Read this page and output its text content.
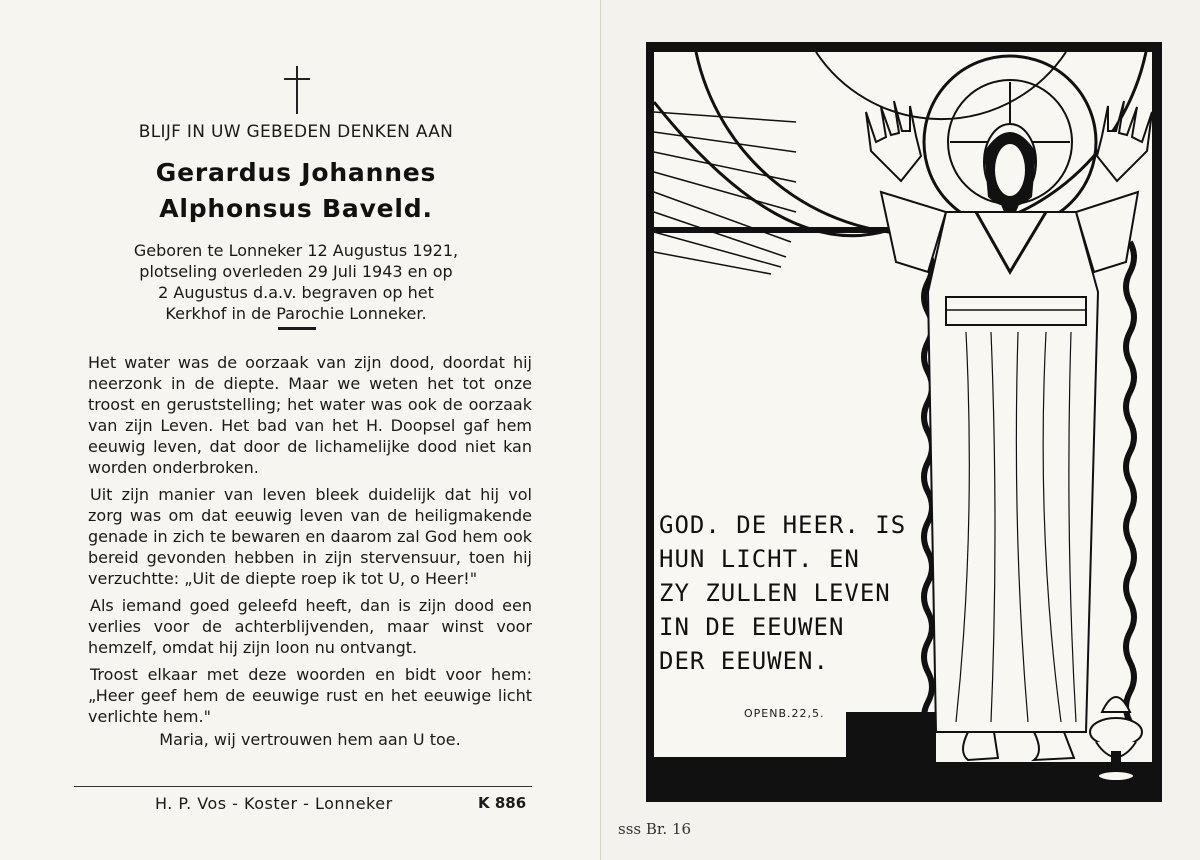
BLIJF IN UW GEBEDEN DENKEN AAN
Gerardus Johannes
Alphonsus Baveld.
Geboren te Lonneker 12 Augustus 1921,
plotseling overleden 29 Juli 1943 en op
2 Augustus d.a.v. begraven op het
Kerkhof in de Parochie Lonneker.

Het water was de oorzaak van zijn dood, doordat hij neerzonk in de diepte. Maar we weten het tot onze troost en geruststelling; het water was ook de oorzaak van zijn Leven. Het bad van het H. Doopsel gaf hem eeuwig leven, dat door de lichamelijke dood niet kan worden onderbroken.

Uit zijn manier van leven bleek duidelijk dat hij vol zorg was om dat eeuwig leven van de heiligmakende genade in zich te bewaren en daarom zal God hem ook bereid gevonden hebben in zijn stervensuur, toen hij verzuchtte: „Uit de diepte roep ik tot U, o Heer!"

Als iemand goed geleefd heeft, dan is zijn dood een verlies voor de achterblijvenden, maar winst voor hemzelf, omdat hij zijn loon nu ontvangt.

Troost elkaar met deze woorden en bidt voor hem: „Heer geef hem de eeuwige rust en het eeuwige licht verlichte hem."

Maria, wij vertrouwen hem aan U toe.
H. P. Vos - Koster - Lonneker	K 886
GOD. DE HEER. IS
HUN LICHT. EN
ZY ZULLEN LEVEN
IN DE EEUWEN
DER EEUWEN.
OPENB.22,5.
sss Br. 16
